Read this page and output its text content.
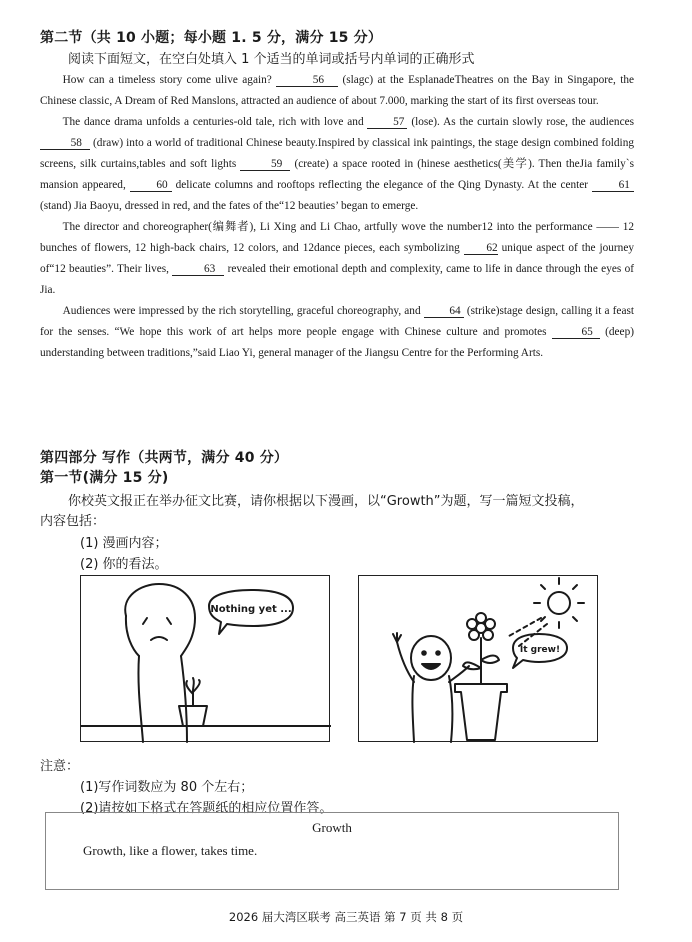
第二节（共 10 小题；每小题 1. 5 分，满分 15 分）
阅读下面短文，在空白处填入 1 个适当的单词或括号内单词的正确形式

How can a timeless story come ulive again?	56 (slagc) at the EsplanadeTheatres on the Bay in Singapore, the Chinese classic, A Dream of Red Manslons, attracted an audience of about 7.000, marking the start of its first overseas tour.

The dance drama unfolds a centuries-old tale, rich with love and 57 (lose). As the curtain slowly rose, the audiences 58 (draw) into a world of traditional Chinese beauty.Inspired by classical ink paintings, the stage design combined folding screens, silk curtains,tables and soft lights	59 (create) a space rooted in (hinese aesthetics(美学). Then theJia family`s mansion appeared, 60 delicate columns and rooftops reflecting the elegance of the Qing Dynasty. At the center 61 (stand) Jia Baoyu, dressed in red, and the fates of the“12 beauties’ began to emerge.

The director and choreographer(编舞者), Li Xing and Li Chao, artfully wove the number12 into the performance —— 12 bunches of flowers, 12 high-back chairs, 12 colors, and 12dance pieces, each symbolizing 62 unique aspect of the journey of“12 beauties”. Their lives,	63 revealed their emotional depth and complexity, came to life in dance through the eyes of Jia.

Audiences were impressed by the rich storytelling, graceful choreography, and 64 (strike)stage design, calling it a feast for the senses. “We hope this work of art helps more people engage with Chinese culture and promotes	65 (deep) understanding between traditions,”said Liao Yi, general manager of the Jiangsu Centre for the Performing Arts.

第四部分 写作（共两节，满分 40 分）
第一节(满分 15 分)
你校英文报正在举办征文比赛，请你根据以下漫画，以“Growth”为题，写一篇短文投稿，
内容包括：
(1) 漫画内容；
(2) 你的看法。
Nothing yet ...
It grew!
注意：
(1)写作词数应为 80 个左右；
(2)请按如下格式在答题纸的相应位置作答。
Growth
Growth, like a flower, takes time.
2026 届大湾区联考 高三英语 第 7 页 共 8 页
